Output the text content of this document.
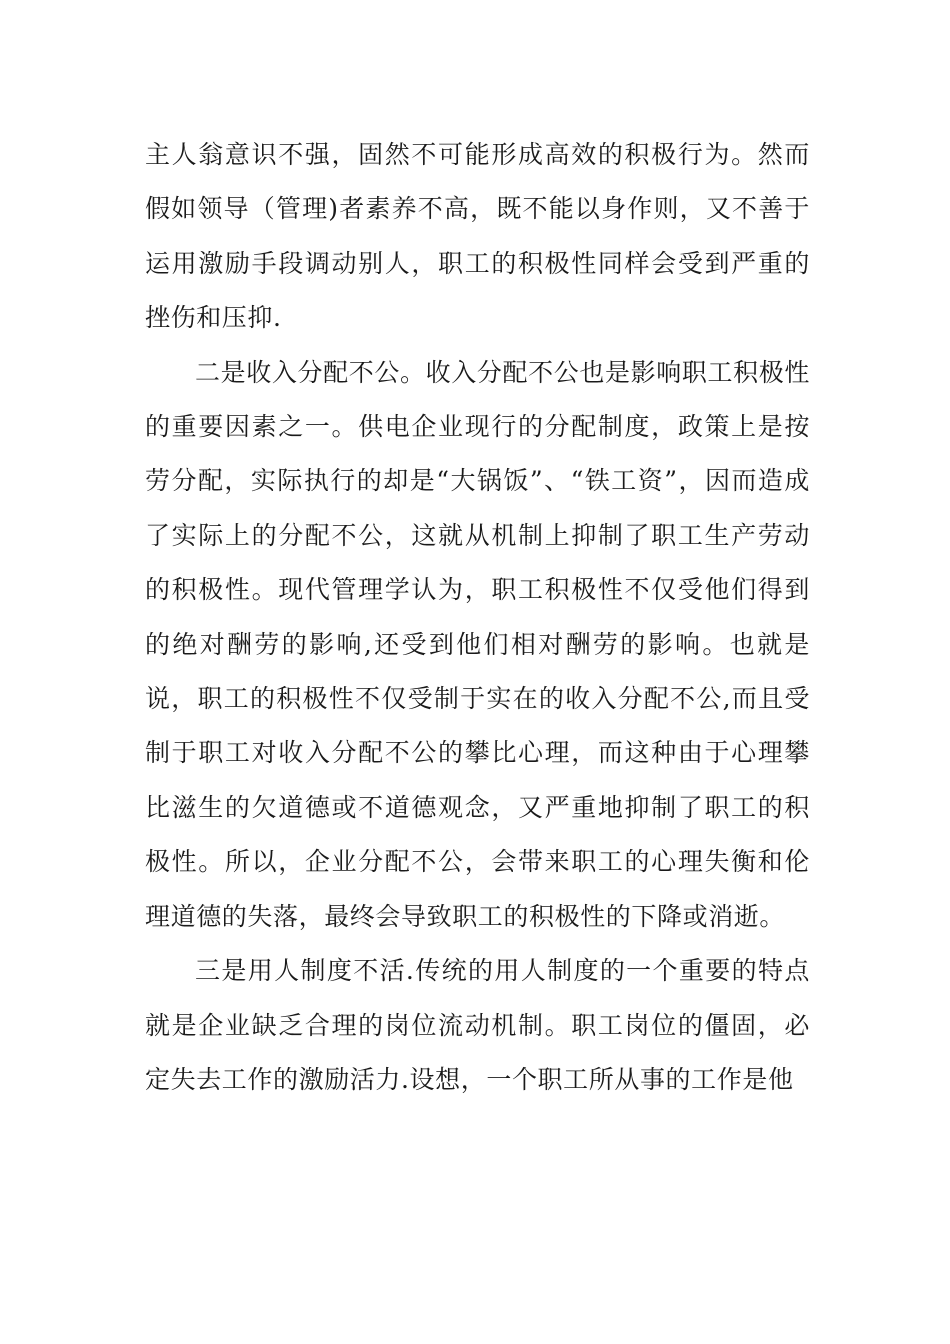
主人翁意识不强，固然不可能形成高效的积极行为。然而假如领导（管理)者素养不高，既不能以身作则，又不善于运用激励手段调动别人，职工的积极性同样会受到严重的挫伤和压抑.

二是收入分配不公。收入分配不公也是影响职工积极性的重要因素之一。供电企业现行的分配制度，政策上是按劳分配，实际执行的却是“大锅饭”、“铁工资”，因而造成了实际上的分配不公，这就从机制上抑制了职工生产劳动的积极性。现代管理学认为，职工积极性不仅受他们得到的绝对酬劳的影响,还受到他们相对酬劳的影响。也就是说，职工的积极性不仅受制于实在的收入分配不公,而且受制于职工对收入分配不公的攀比心理，而这种由于心理攀比滋生的欠道德或不道德观念，又严重地抑制了职工的积极性。所以，企业分配不公，会带来职工的心理失衡和伦理道德的失落，最终会导致职工的积极性的下降或消逝。

三是用人制度不活.传统的用人制度的一个重要的特点就是企业缺乏合理的岗位流动机制。职工岗位的僵固，必定失去工作的激励活力.设想，一个职工所从事的工作是他
